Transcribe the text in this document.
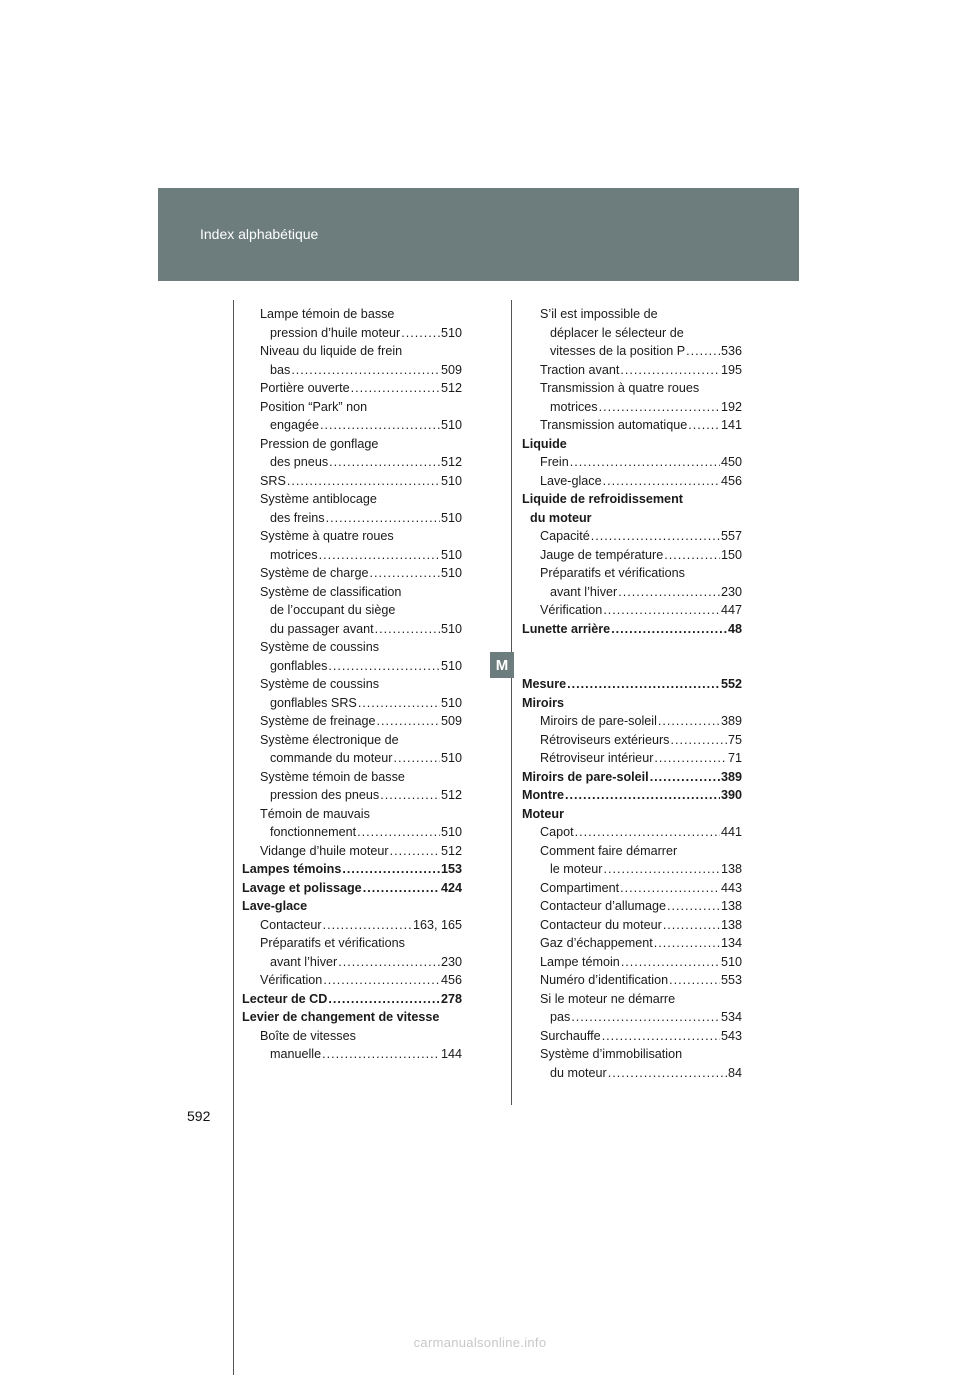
Index alphabétique
592
M
Lampe témoin de basse
pression d’huile moteur .....	510
Niveau du liquide de frein
bas .....	509
Portière ouverte .....	512
Position “Park” non
engagée .....	510
Pression de gonflage
des pneus .....	512
SRS .....	510
Système antiblocage
des freins .....	510
Système à quatre roues
motrices .....	510
Système de charge .....	510
Système de classification
de l’occupant du siège
du passager avant .....	510
Système de coussins
gonflables .....	510
Système de coussins
gonflables SRS .....	510
Système de freinage .....	509
Système électronique de
commande du moteur .....	510
Système témoin de basse
pression des pneus .....	512
Témoin de mauvais
fonctionnement .....	510
Vidange d’huile moteur .....	512
Lampes témoins .....	153
Lavage et polissage .....	424
Lave-glace
Contacteur .....	163, 165
Préparatifs et vérifications
avant l’hiver .....	230
Vérification .....	456
Lecteur de CD .....	278
Levier de changement de vitesse
Boîte de vitesses
manuelle .....	144
S’il est impossible de
déplacer le sélecteur de
vitesses de la position P .....	536
Traction avant .....	195
Transmission à quatre roues
motrices .....	192
Transmission automatique .....	141
Liquide
Frein .....	450
Lave-glace .....	456
Liquide de refroidissement
du moteur
Capacité .....	557
Jauge de température .....	150
Préparatifs et vérifications
avant l’hiver .....	230
Vérification .....	447
Lunette arrière .....	48
Mesure .....	552
Miroirs
Miroirs de pare-soleil .....	389
Rétroviseurs extérieurs .....	75
Rétroviseur intérieur .....	71
Miroirs de pare-soleil .....	389
Montre .....	390
Moteur
Capot .....	441
Comment faire démarrer
le moteur .....	138
Compartiment .....	443
Contacteur d’allumage .....	138
Contacteur du moteur .....	138
Gaz d’échappement .....	134
Lampe témoin .....	510
Numéro d’identification .....	553
Si le moteur ne démarre
pas .....	534
Surchauffe .....	543
Système d’immobilisation
du moteur .....	84
carmanualsonline.info
